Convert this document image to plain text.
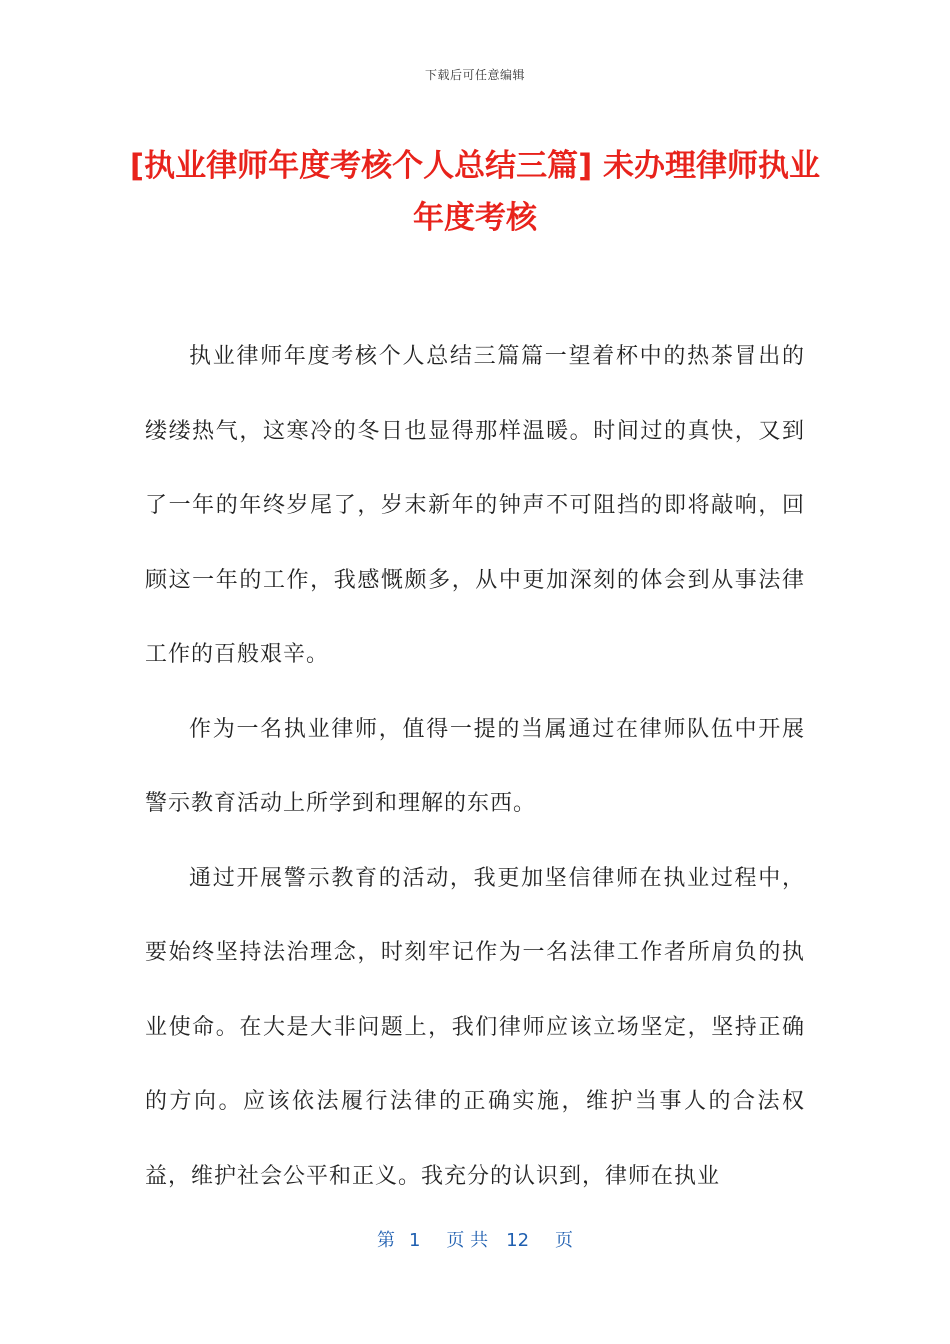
下载后可任意编辑
[执业律师年度考核个人总结三篇] 未办理律师执业年度考核

执业律师年度考核个人总结三篇篇一望着杯中的热茶冒出的缕缕热气，这寒冷的冬日也显得那样温暖。时间过的真快，又到了一年的年终岁尾了，岁末新年的钟声不可阻挡的即将敲响，回顾这一年的工作，我感慨颇多，从中更加深刻的体会到从事法律工作的百般艰辛。

作为一名执业律师，值得一提的当属通过在律师队伍中开展警示教育活动上所学到和理解的东西。

通过开展警示教育的活动，我更加坚信律师在执业过程中，要始终坚持法治理念，时刻牢记作为一名法律工作者所肩负的执业使命。在大是大非问题上，我们律师应该立场坚定，坚持正确的方向。应该依法履行法律的正确实施，维护当事人的合法权益，维护社会公平和正义。我充分的认识到，律师在执业

第 1 页 共 12 页
